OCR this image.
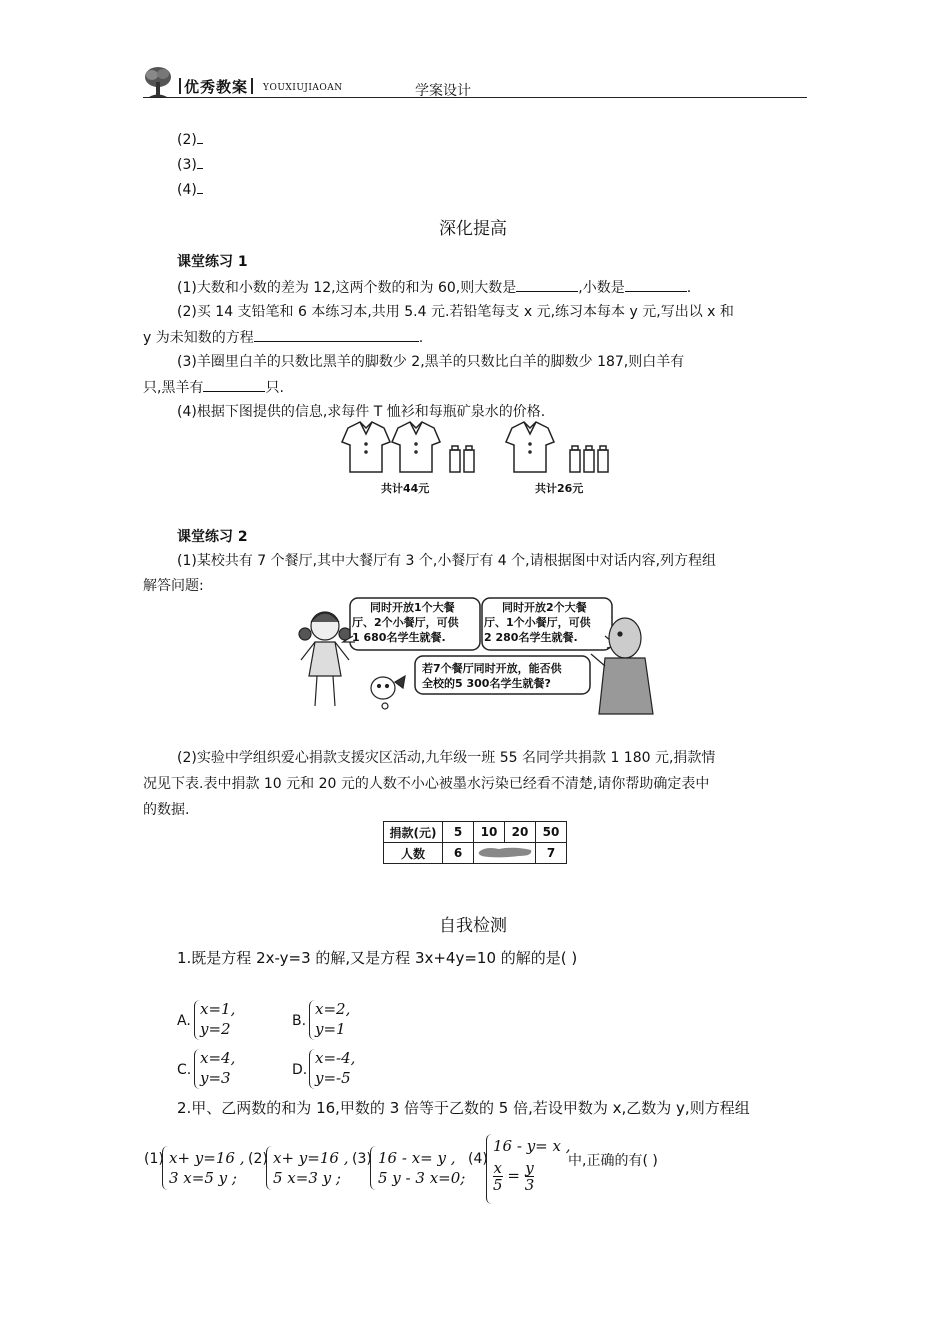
优秀教案	YOUXIUJIAOAN	学案设计
(2)
(3)
(4)
深化提高
课堂练习 1
(1)大数和小数的差为 12,这两个数的和为 60,则大数是	,小数是	.
(2)买 14 支铅笔和 6 本练习本,共用 5.4 元.若铅笔每支 x 元,练习本每本 y 元,写出以 x 和
y 为未知数的方程	.
(3)羊圈里白羊的只数比黑羊的脚数少 2,黑羊的只数比白羊的脚数少 187,则白羊有
只,黑羊有	只.
(4)根据下图提供的信息,求每件 T 恤衫和每瓶矿泉水的价格.
共计44元	共计26元
课堂练习 2
(1)某校共有 7 个餐厅,其中大餐厅有 3 个,小餐厅有 4 个,请根据图中对话内容,列方程组
解答问题:
同时开放1个大餐
厅、2个小餐厅，可供
1 680名学生就餐.
同时开放2个大餐
厅、1个小餐厅，可供
2 280名学生就餐.
若7个餐厅同时开放，能否供
全校的5 300名学生就餐?
(2)实验中学组织爱心捐款支援灾区活动,九年级一班 55 名同学共捐款 1 180 元,捐款情
况见下表.表中捐款 10 元和 20 元的人数不小心被墨水污染已经看不清楚,请你帮助确定表中
的数据.
捐款(元)	5	10	20	50
人数	6			7
自我检测
1.既是方程 2x-y=3 的解,又是方程 3x+4y=10 的解的是( )
A.
x=1,
y=2	B.
x=2,
y=1
C.
x=4,
y=3	D.
x=-4,
y=-5
2.甲、乙两数的和为 16,甲数的 3 倍等于乙数的 5 倍,若设甲数为 x,乙数为 y,则方程组
(1) x+ y=16 ,
3 x=5 y ;
(2) x+ y=16 ,
5 x=3 y ;
(3) 16 - x= y ,
5 y - 3 x=0;
(4)
16 - y= x ,
$\frac{x}{5} = \frac{y}{3}$ 中,正确的有( )
